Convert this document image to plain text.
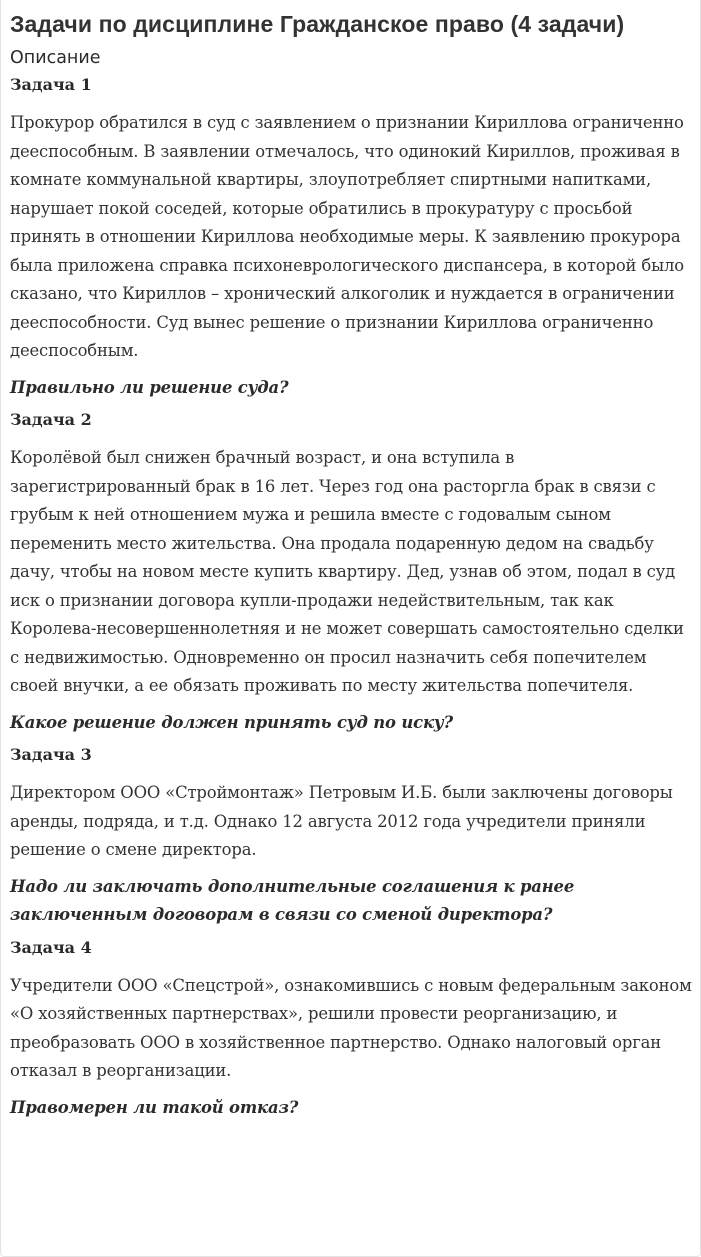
Задачи по дисциплине Гражданское право (4 задачи)
Описание
Задача 1

Прокурор обратился в суд с заявлением о признании Кириллова ограниченно дееспособным. В заявлении отмечалось, что одинокий Кириллов, проживая в комнате коммунальной квартиры, злоупотребляет спиртными напитками, нарушает покой соседей, которые обратились в прокуратуру с просьбой принять в отношении Кириллова необходимые меры. К заявлению прокурора была приложена справка психоневрологического диспансера, в которой было сказано, что Кириллов – хронический алкоголик и нуждается в ограничении дееспособности. Суд вынес решение о признании Кириллова ограниченно дееспособным.

Правильно ли решение суда?

Задача 2

Королёвой был снижен брачный возраст, и она вступила в зарегистрированный брак в 16 лет. Через год она расторгла брак в связи с грубым к ней отношением мужа и решила вместе с годовалым сыном переменить место жительства. Она продала подаренную дедом на свадьбу дачу, чтобы на новом месте купить квартиру. Дед, узнав об этом, подал в суд иск о признании договора купли-продажи недействительным, так как Королева-несовершеннолетняя и не может совершать самостоятельно сделки с недвижимостью. Одновременно он просил назначить себя попечителем своей внучки, а ее обязать проживать по месту жительства попечителя.

Какое решение должен принять суд по иску?

Задача 3

Директором ООО «Строймонтаж» Петровым И.Б. были заключены договоры аренды, подряда, и т.д. Однако 12 августа 2012 года учредители приняли решение о смене директора.

Надо ли заключать дополнительные соглашения к ранее заключенным договорам в связи со сменой директора?

Задача 4

Учредители ООО «Спецстрой», ознакомившись с новым федеральным законом «О хозяйственных партнерствах», решили провести реорганизацию, и преобразовать ООО в хозяйственное партнерство. Однако налоговый орган отказал в реорганизации.

Правомерен ли такой отказ?
